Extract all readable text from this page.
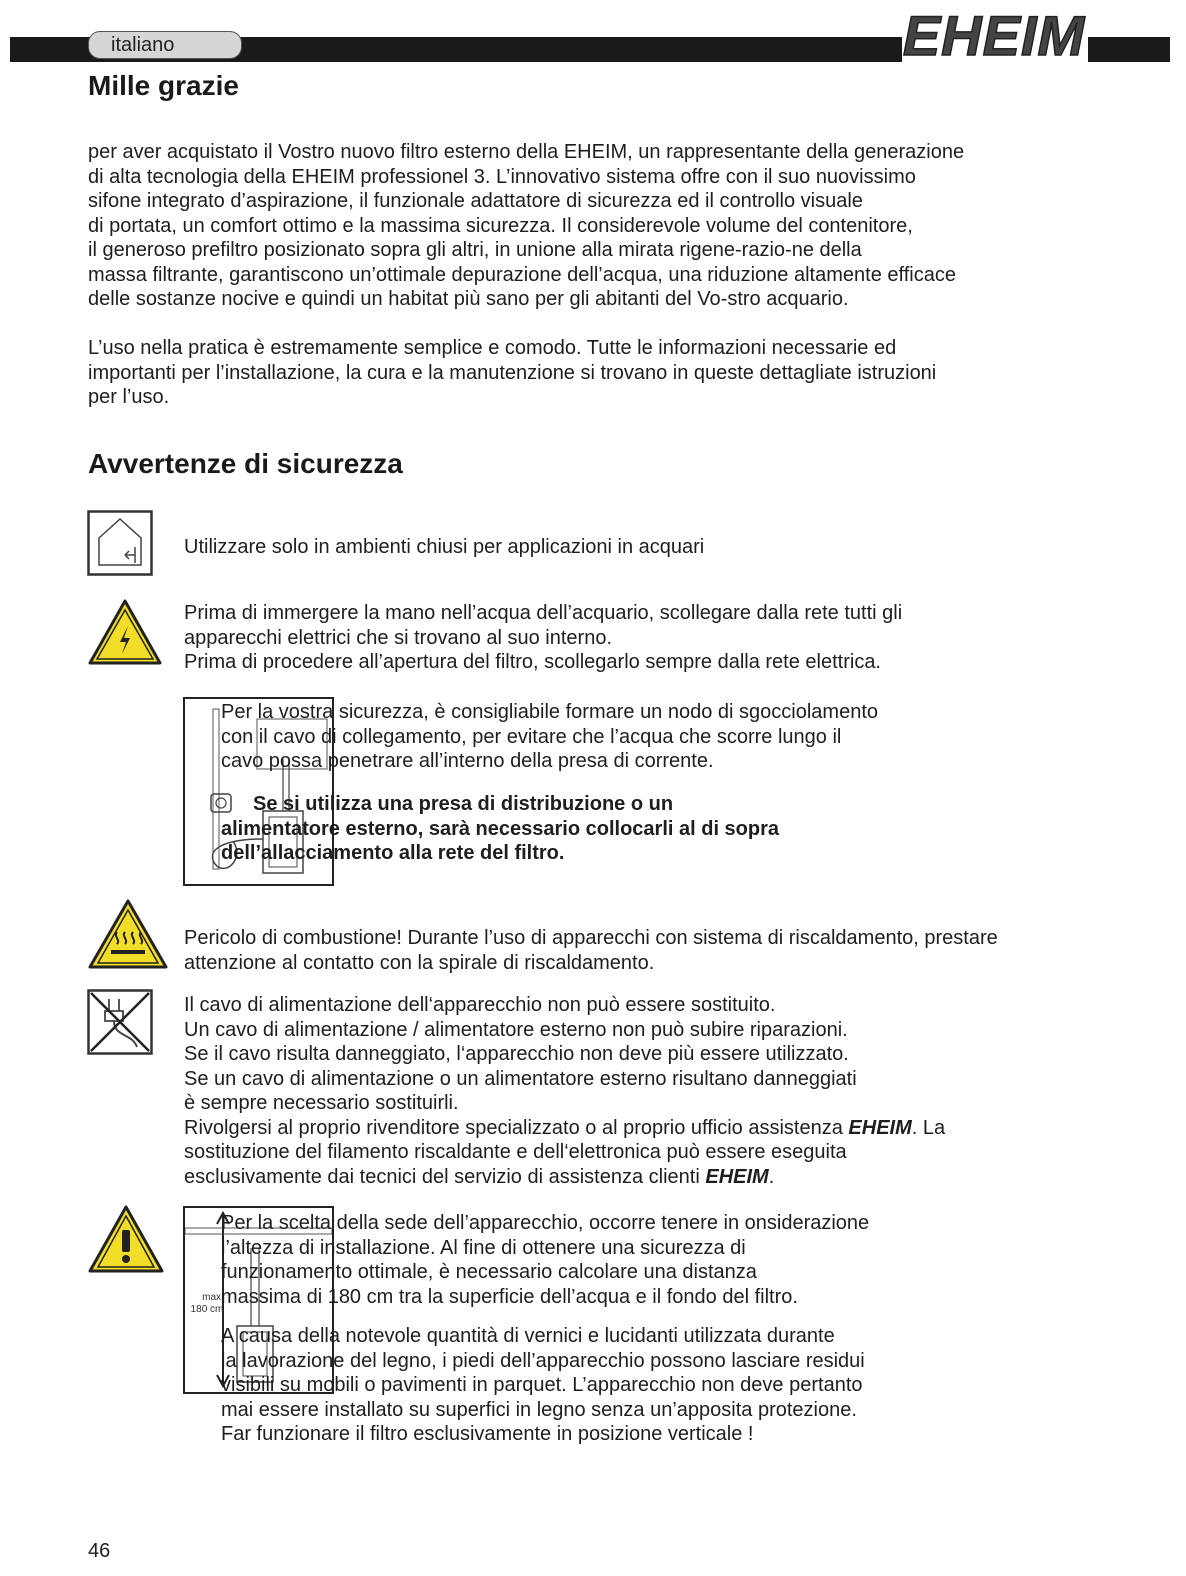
italiano	EHEIM
Mille grazie
per aver acquistato il Vostro nuovo filtro esterno della EHEIM, un rappresentante della generazione
di alta tecnologia della EHEIM professionel 3. L’innovativo sistema offre con il suo nuovissimo
sifone integrato d’aspirazione, il funzionale adattatore di sicurezza ed il controllo visuale
di portata, un comfort ottimo e la massima sicurezza. Il considerevole volume del contenitore,
il generoso prefiltro posizionato sopra gli altri, in unione alla mirata rigene-razio-ne della
massa filtrante, garantiscono un’ottimale depurazione dell’acqua, una riduzione altamente efficace
delle sostanze nocive e quindi un habitat più sano per gli abitanti del Vo-stro acquario.
L’uso nella pratica è estremamente semplice e comodo. Tutte le informazioni necessarie ed
importanti per l’installazione, la cura e la manutenzione si trovano in queste dettagliate istruzioni
per l’uso.
Avvertenze di sicurezza
Utilizzare solo in ambienti chiusi per applicazioni in acquari
Prima di immergere la mano nell’acqua dell’acquario, scollegare dalla rete tutti gli
apparecchi elettrici che si trovano al suo interno.
Prima di procedere all’apertura del filtro, scollegarlo sempre dalla rete elettrica.
Per la vostra sicurezza, è consigliabile formare un nodo di sgocciolamento
con il cavo di collegamento, per evitare che l’acqua che scorre lungo il
cavo possa penetrare all’interno della presa di corrente.
Se si utilizza una presa di distribuzione o un
alimentatore esterno, sarà necessario collocarli al di sopra
dell’allacciamento alla rete del filtro.
Pericolo di combustione! Durante l’uso di apparecchi con sistema di riscaldamento, prestare
attenzione al contatto con la spirale di riscaldamento.
Il cavo di alimentazione dell‘apparecchio non può essere sostituito.
Un cavo di alimentazione / alimentatore esterno non può subire riparazioni.
Se il cavo risulta danneggiato, l‘apparecchio non deve più essere utilizzato.
Se un cavo di alimentazione o un alimentatore esterno risultano danneggiati
è sempre necessario sostituirli.
Rivolgersi al proprio rivenditore specializzato o al proprio ufficio assistenza EHEIM. La
sostituzione del filamento riscaldante e dell‘elettronica può essere eseguita
esclusivamente dai tecnici del servizio di assistenza clienti EHEIM.
max.
180 cm
Per la scelta della sede dell’apparecchio, occorre tenere in onsiderazione
l’altezza di installazione. Al fine di ottenere una sicurezza di
funzionamento ottimale, è necessario calcolare una distanza
massima di 180 cm tra la superficie dell’acqua e il fondo del filtro.
A causa della notevole quantità di vernici e lucidanti utilizzata durante
la lavorazione del legno, i piedi dell’apparecchio possono lasciare residui
visibili su mobili o pavimenti in parquet. L’apparecchio non deve pertanto
mai essere installato su superfici in legno senza un’apposita protezione.
Far funzionare il filtro esclusivamente in posizione verticale !
46
